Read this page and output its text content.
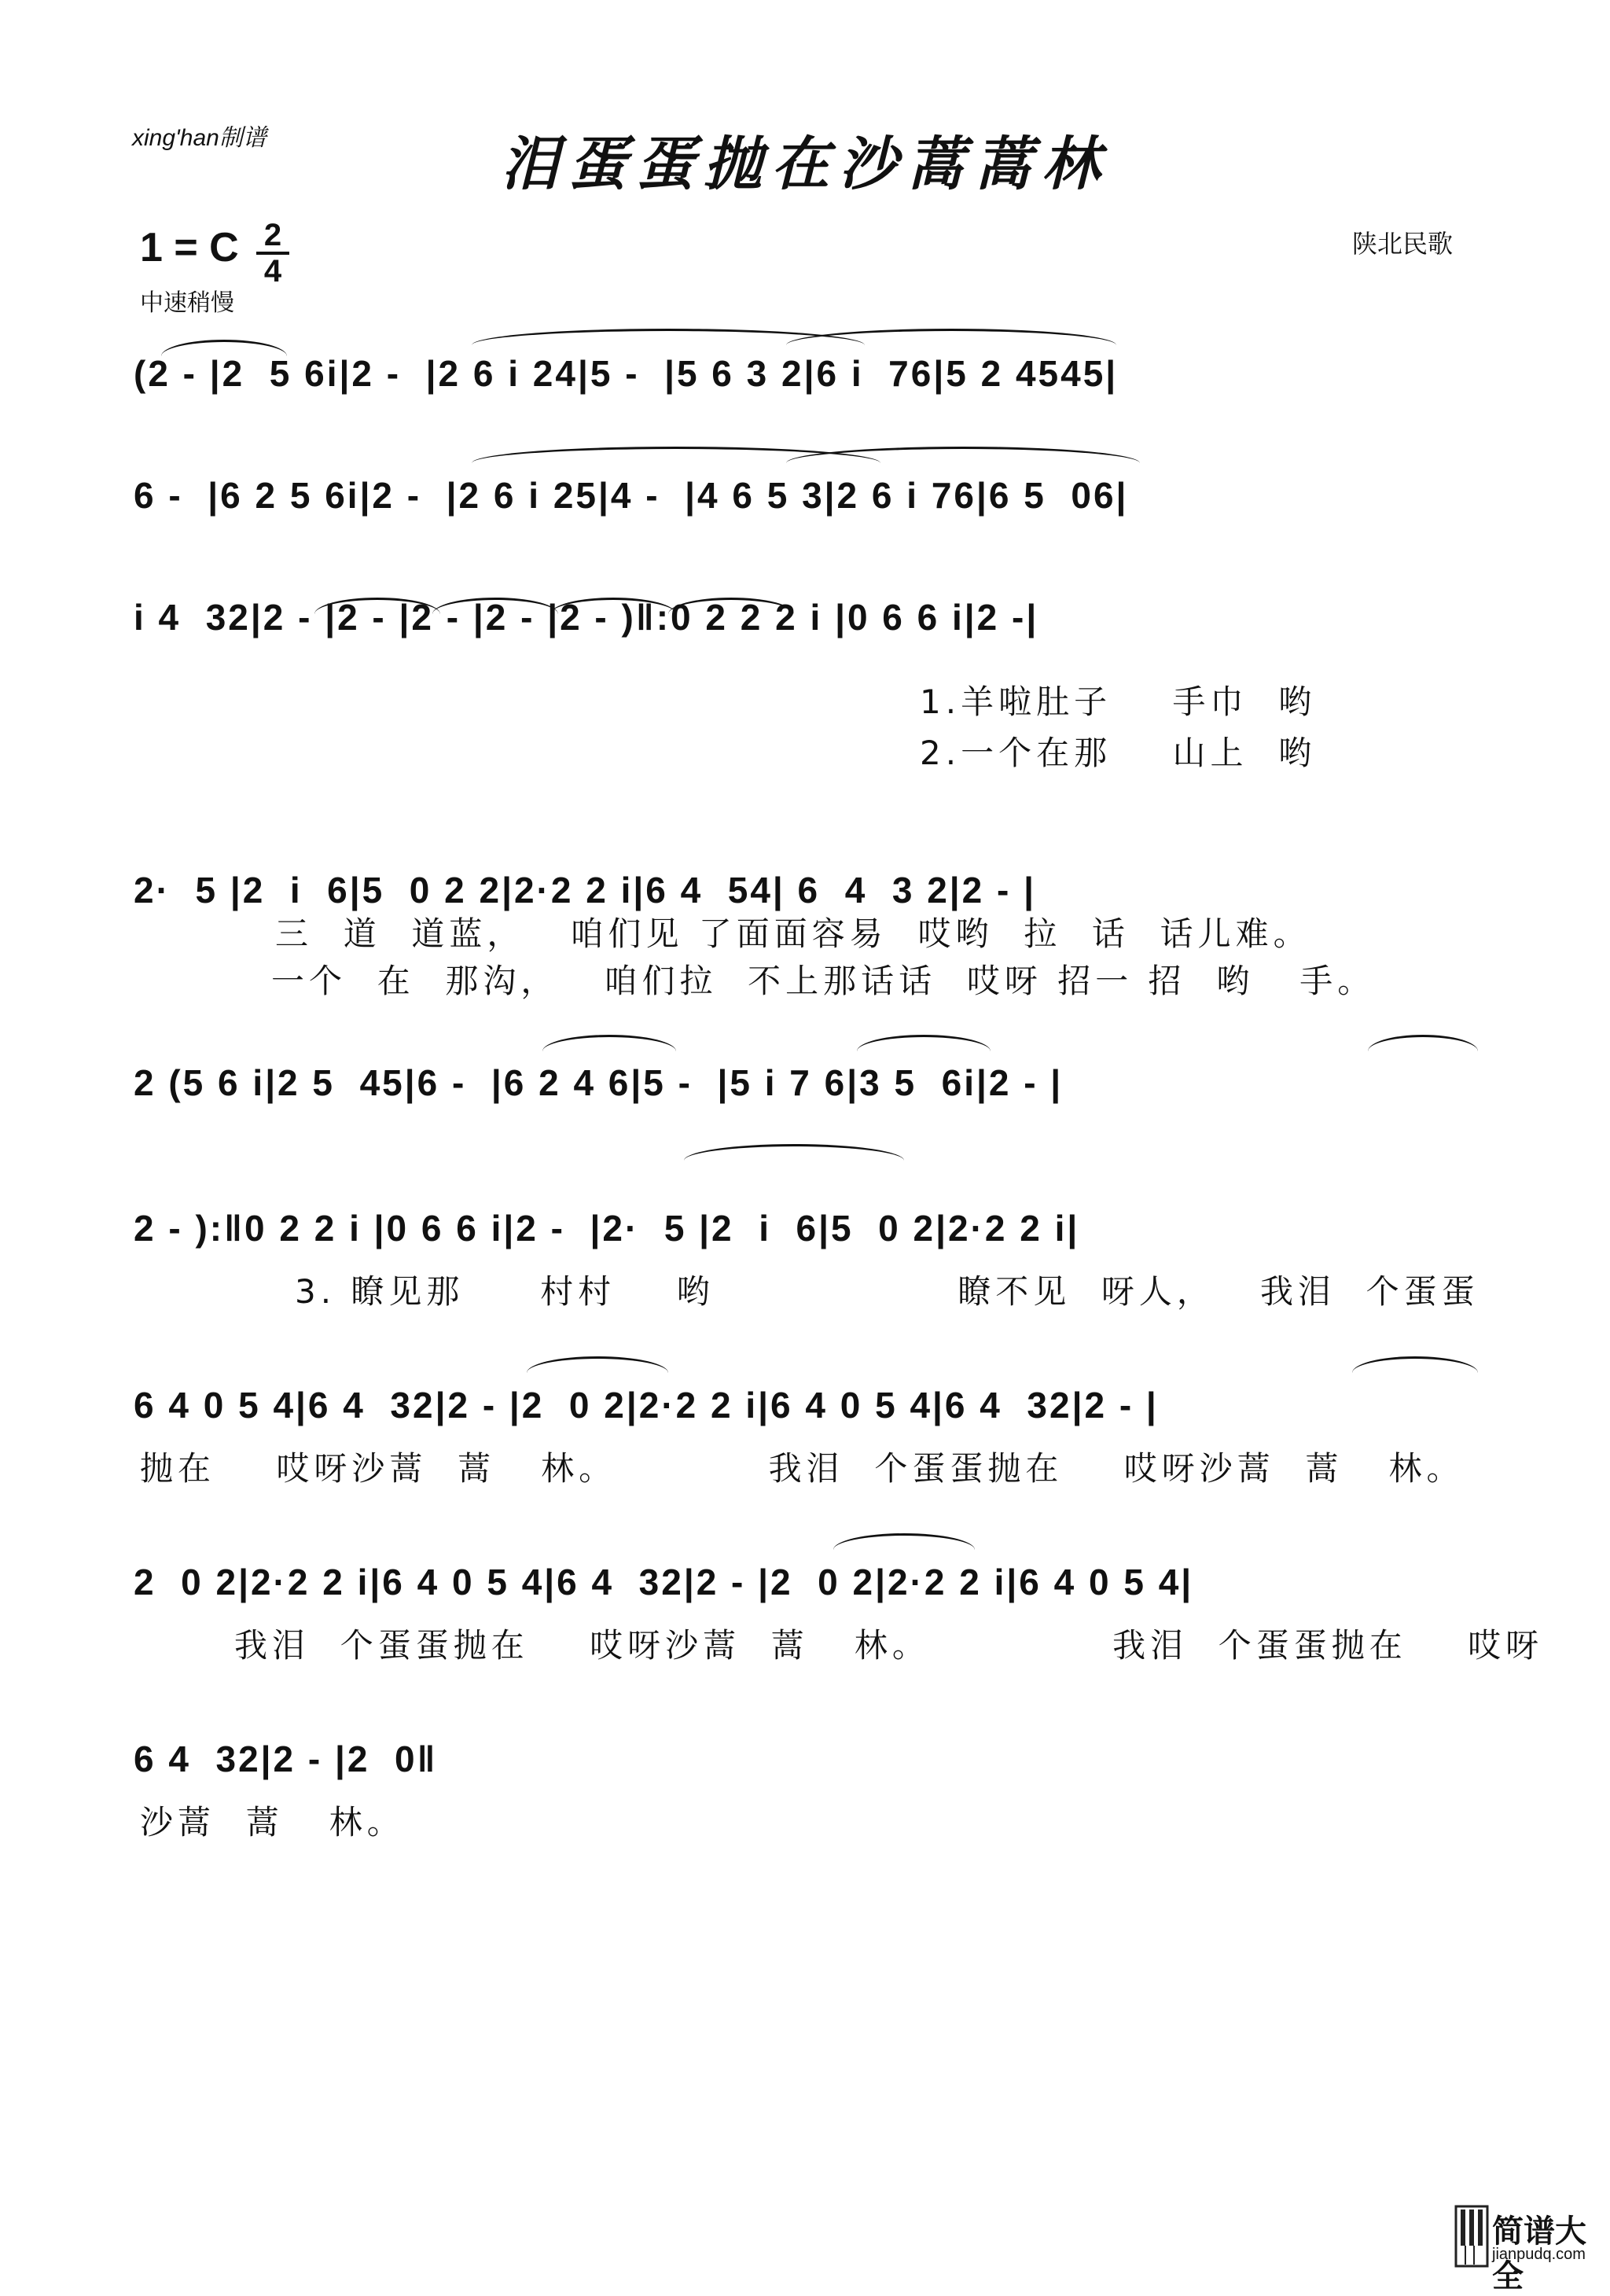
xing'han制谱	泪蛋蛋抛在沙蒿蒿林
1 = C 2
4
中速稍慢
陕北民歌
(2 - |2  5 6i|2 -  |2 6 i 24|5 -  |5 6 3 2|6 i  76|5 2 4545|
6 -  |6 2 5 6i|2 -  |2 6 i 25|4 -  |4 6 5 3|2 6 i 76|6 5  06|
i 4  32|2 - |2 - |2 - |2 - |2 - )‖:0 2 2 2 i |0 6 6 i|2 -|
1.羊啦肚子    手巾  哟
2.一个在那    山上  哟
2·  5 |2  i  6|5  0 2 2|2·2 2 i|6 4  54| 6  4  3 2|2 - |
三  道  道蓝，   咱们见 了面面容易  哎哟  拉  话  话儿难。
一个  在  那沟，   咱们拉  不上那话话  哎呀 招一 招  哟   手。
2 (5 6 i|2 5  45|6 -  |6 2 4 6|5 -  |5 i 7 6|3 5  6i|2 - |
2 - ):‖0 2 2 i |0 6 6 i|2 -  |2·  5 |2  i  6|5  0 2|2·2 2 i|
3. 瞭见那     村村    哟                瞭不见  呀人，   我泪  个蛋蛋
6 4 0 5 4|6 4  32|2 - |2  0 2|2·2 2 i|6 4 0 5 4|6 4  32|2 - |
抛在    哎呀沙蒿  蒿   林。          我泪  个蛋蛋抛在    哎呀沙蒿  蒿   林。
2  0 2|2·2 2 i|6 4 0 5 4|6 4  32|2 - |2  0 2|2·2 2 i|6 4 0 5 4|
我泪  个蛋蛋抛在    哎呀沙蒿  蒿   林。            我泪  个蛋蛋抛在    哎呀
6 4  32|2 - |2  0‖
沙蒿  蒿   林。
简谱大全
jianpudq.com
